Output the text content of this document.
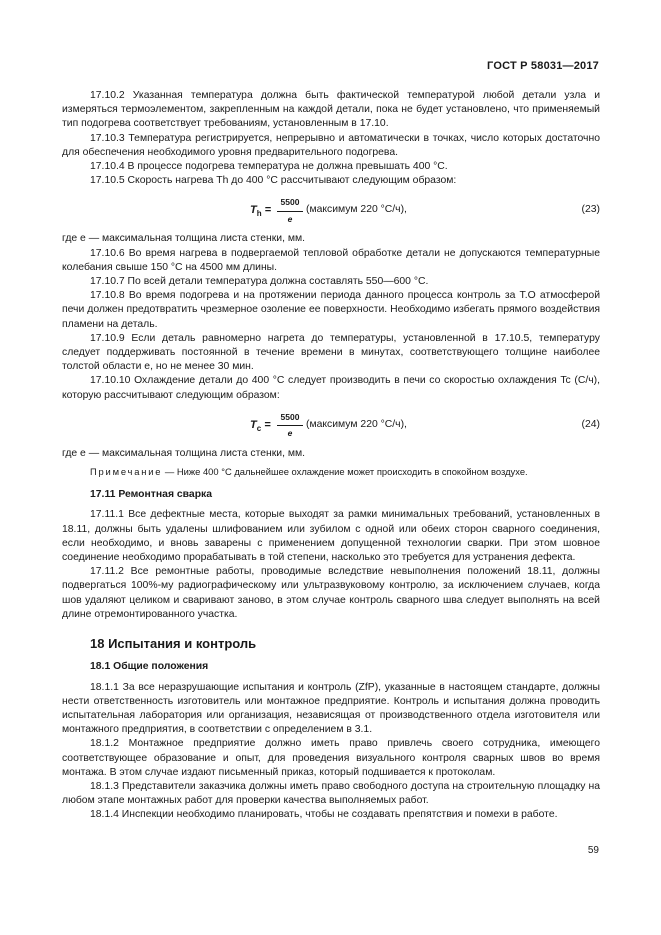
ГОСТ Р 58031—2017

17.10.2 Указанная температура должна быть фактической температурой любой детали узла и измеряться термоэлементом, закрепленным на каждой детали, пока не будет установлено, что применяемый тип подогрева соответствует требованиям, установленным в 17.10.

17.10.3 Температура регистрируется, непрерывно и автоматически в точках, число которых достаточно для обеспечения необходимого уровня предварительного подогрева.

17.10.4 В процессе подогрева температура не должна превышать 400 °C.

17.10.5 Скорость нагрева Th до 400 °С рассчитывают следующим образом:

$T_h = \frac{5500}{e}$ (максимум 220 °С/ч),	(23)

где e — максимальная толщина листа стенки, мм.

17.10.6 Во время нагрева в подвергаемой тепловой обработке детали не допускаются температурные колебания свыше 150 °С на 4500 мм длины.

17.10.7 По всей детали температура должна составлять 550—600 °С.

17.10.8 Во время подогрева и на протяжении периода данного процесса контроль за Т.О атмосферой печи должен предотвратить чрезмерное озоление ее поверхности. Необходимо избегать прямого воздействия пламени на деталь.

17.10.9 Если деталь равномерно нагрета до температуры, установленной в 17.10.5, температуру следует поддерживать постоянной в течение времени в минутах, соответствующего толщине наиболее толстой области e, но не менее 30 мин.

17.10.10 Охлаждение детали до 400 °С следует производить в печи со скоростью охлаждения Tc (С/ч), которую рассчитывают следующим образом:

$T_c = \frac{5500}{e}$ (максимум 220 °С/ч),	(24)

где e — максимальная толщина листа стенки, мм.

Примечание — Ниже 400 °С дальнейшее охлаждение может происходить в спокойном воздухе.

17.11 Ремонтная сварка

17.11.1 Все дефектные места, которые выходят за рамки минимальных требований, установленных в 18.11, должны быть удалены шлифованием или зубилом с одной или обеих сторон сварного соединения, если необходимо, и вновь заварены с применением допущенной технологии сварки. При этом шовное соединение необходимо прорабатывать в той степени, насколько это требуется для устранения дефекта.

17.11.2 Все ремонтные работы, проводимые вследствие невыполнения положений 18.11, должны подвергаться 100%-му радиографическому или ультразвуковому контролю, за исключением случаев, когда шов удаляют целиком и сваривают заново, в этом случае контроль сварного шва следует выполнять на всей длине отремонтированного участка.

18 Испытания и контроль
18.1 Общие положения

18.1.1 За все неразрушающие испытания и контроль (ZfP), указанные в настоящем стандарте, должны нести ответственность изготовитель или монтажное предприятие. Контроль и испытания должна проводить испытательная лаборатория или организация, независящая от производственного отдела изготовителя или монтажного предприятия, в соответствии с определением в 3.1.

18.1.2 Монтажное предприятие должно иметь право привлечь своего сотрудника, имеющего соответствующее образование и опыт, для проведения визуального контроля сварных швов во время монтажа. В этом случае издают письменный приказ, который подшивается к протоколам.

18.1.3 Представители заказчика должны иметь право свободного доступа на строительную площадку на любом этапе монтажных работ для проверки качества выполняемых работ.

18.1.4 Инспекции необходимо планировать, чтобы не создавать препятствия и помехи в работе.

59
